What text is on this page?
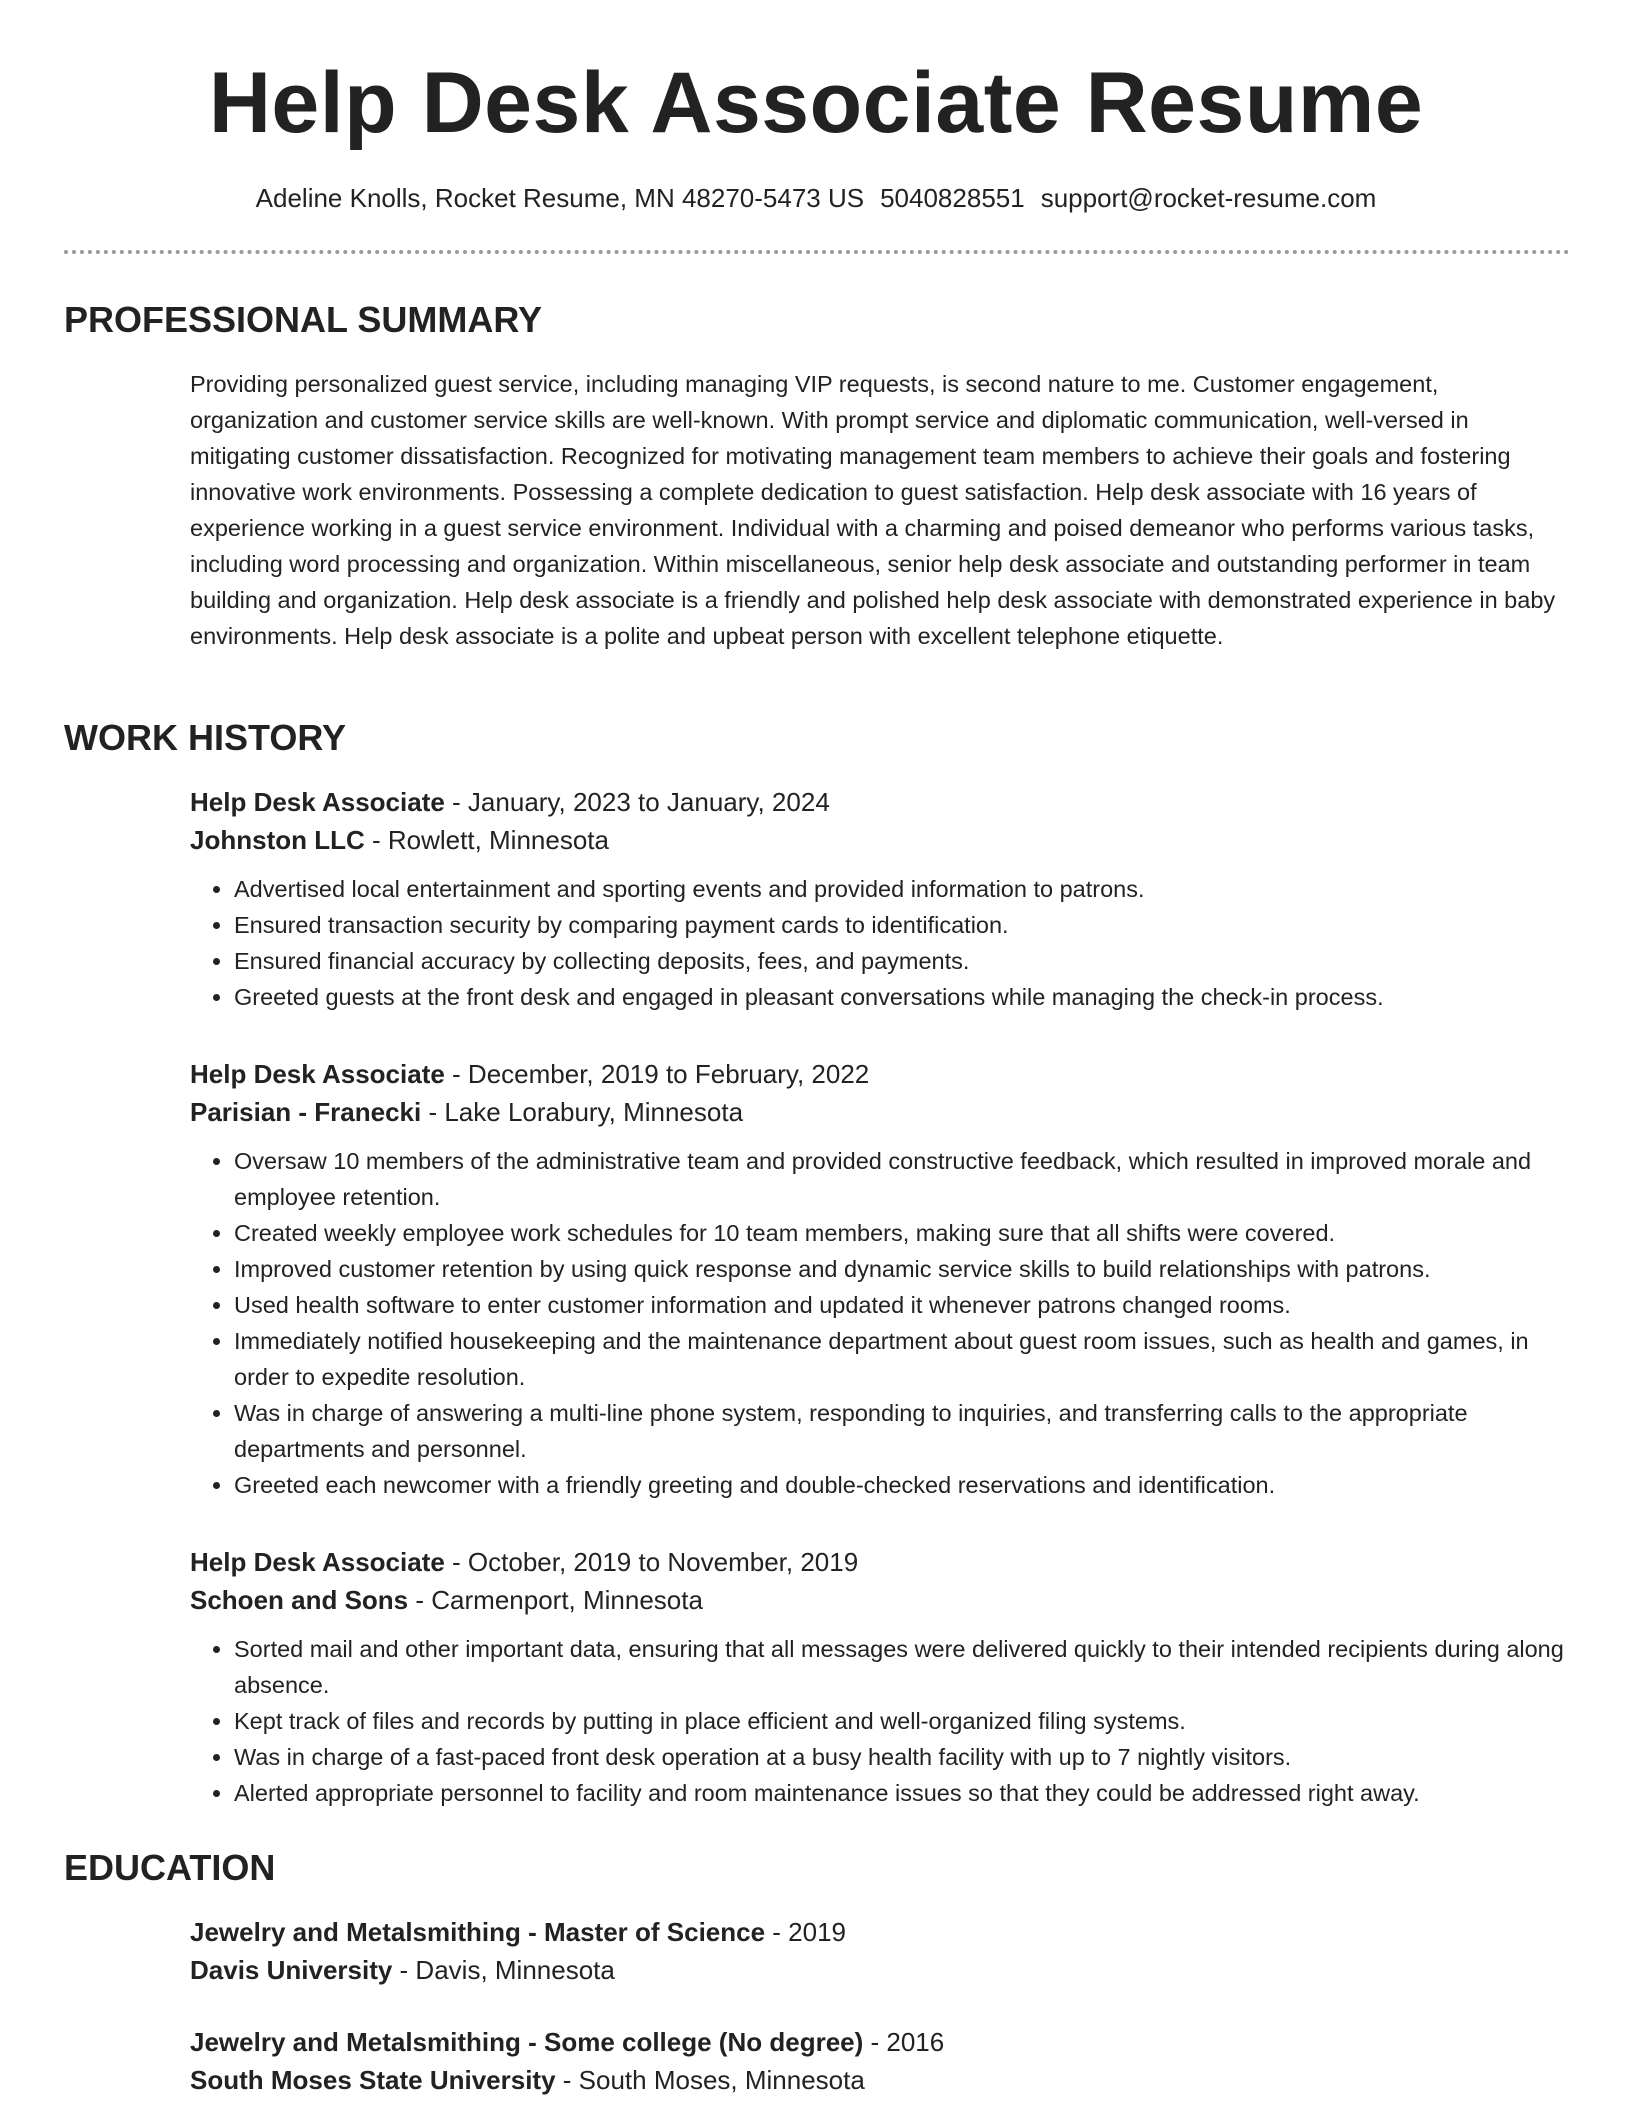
Help Desk Associate Resume
Adeline Knolls, Rocket Resume, MN 48270-5473 US 5040828551 support@rocket-resume.com
PROFESSIONAL SUMMARY

Providing personalized guest service, including managing VIP requests, is second nature to me. Customer engagement, organization and customer service skills are well-known. With prompt service and diplomatic communication, well-versed in mitigating customer dissatisfaction. Recognized for motivating management team members to achieve their goals and fostering innovative work environments. Possessing a complete dedication to guest satisfaction. Help desk associate with 16 years of experience working in a guest service environment. Individual with a charming and poised demeanor who performs various tasks, including word processing and organization. Within miscellaneous, senior help desk associate and outstanding performer in team building and organization. Help desk associate is a friendly and polished help desk associate with demonstrated experience in baby environments. Help desk associate is a polite and upbeat person with excellent telephone etiquette.

WORK HISTORY

Help Desk Associate - January, 2023 to January, 2024

Johnston LLC - Rowlett, Minnesota

• Advertised local entertainment and sporting events and provided information to patrons.
• Ensured transaction security by comparing payment cards to identification.
• Ensured financial accuracy by collecting deposits, fees, and payments.
• Greeted guests at the front desk and engaged in pleasant conversations while managing the check-in process.

Help Desk Associate - December, 2019 to February, 2022

Parisian - Franecki - Lake Lorabury, Minnesota

• Oversaw 10 members of the administrative team and provided constructive feedback, which resulted in improved morale and employee retention.
• Created weekly employee work schedules for 10 team members, making sure that all shifts were covered.
• Improved customer retention by using quick response and dynamic service skills to build relationships with patrons.
• Used health software to enter customer information and updated it whenever patrons changed rooms.
• Immediately notified housekeeping and the maintenance department about guest room issues, such as health and games, in order to expedite resolution.
• Was in charge of answering a multi-line phone system, responding to inquiries, and transferring calls to the appropriate departments and personnel.
• Greeted each newcomer with a friendly greeting and double-checked reservations and identification.

Help Desk Associate - October, 2019 to November, 2019

Schoen and Sons - Carmenport, Minnesota

• Sorted mail and other important data, ensuring that all messages were delivered quickly to their intended recipients during along absence.
• Kept track of files and records by putting in place efficient and well-organized filing systems.
• Was in charge of a fast-paced front desk operation at a busy health facility with up to 7 nightly visitors.
• Alerted appropriate personnel to facility and room maintenance issues so that they could be addressed right away.
EDUCATION

Jewelry and Metalsmithing - Master of Science - 2019

Davis University - Davis, Minnesota

Jewelry and Metalsmithing - Some college (No degree) - 2016

South Moses State University - South Moses, Minnesota
